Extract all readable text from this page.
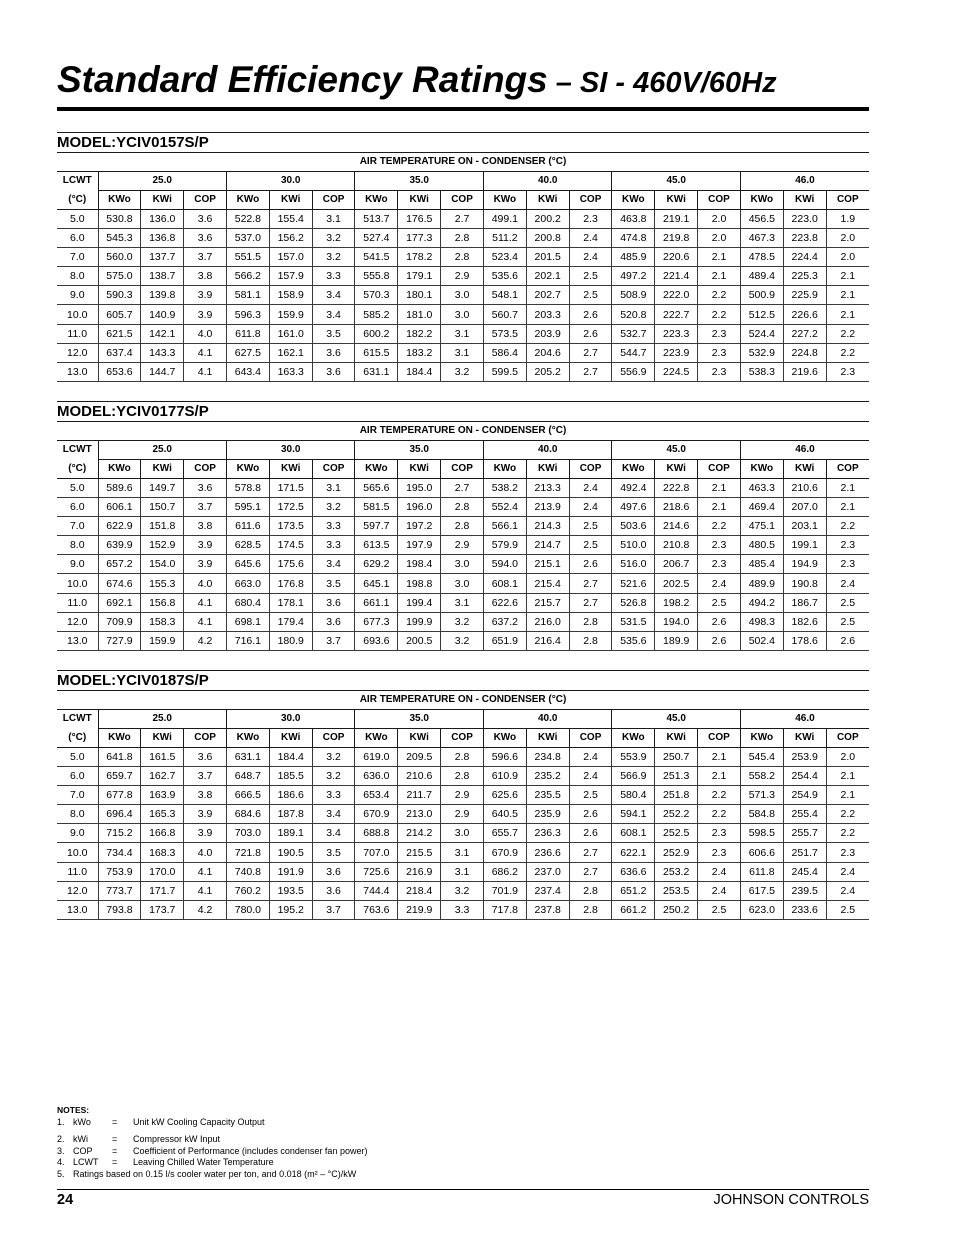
Standard Efficiency Ratings – SI - 460V/60Hz
MODEL:YCIV0157S/P																		
AIR TEMPERATURE ON - CONDENSER (°C)																		
LCWT	25.0			30.0			35.0			40.0			45.0			46.0		
(°C)	KWo	KWi	COP	KWo	KWi	COP	KWo	KWi	COP	KWo	KWi	COP	KWo	KWi	COP	KWo	KWi	COP
5.0	530.8	136.0	3.6	522.8	155.4	3.1	513.7	176.5	2.7	499.1	200.2	2.3	463.8	219.1	2.0	456.5	223.0	1.9
6.0	545.3	136.8	3.6	537.0	156.2	3.2	527.4	177.3	2.8	511.2	200.8	2.4	474.8	219.8	2.0	467.3	223.8	2.0
7.0	560.0	137.7	3.7	551.5	157.0	3.2	541.5	178.2	2.8	523.4	201.5	2.4	485.9	220.6	2.1	478.5	224.4	2.0
8.0	575.0	138.7	3.8	566.2	157.9	3.3	555.8	179.1	2.9	535.6	202.1	2.5	497.2	221.4	2.1	489.4	225.3	2.1
9.0	590.3	139.8	3.9	581.1	158.9	3.4	570.3	180.1	3.0	548.1	202.7	2.5	508.9	222.0	2.2	500.9	225.9	2.1
10.0	605.7	140.9	3.9	596.3	159.9	3.4	585.2	181.0	3.0	560.7	203.3	2.6	520.8	222.7	2.2	512.5	226.6	2.1
11.0	621.5	142.1	4.0	611.8	161.0	3.5	600.2	182.2	3.1	573.5	203.9	2.6	532.7	223.3	2.3	524.4	227.2	2.2
12.0	637.4	143.3	4.1	627.5	162.1	3.6	615.5	183.2	3.1	586.4	204.6	2.7	544.7	223.9	2.3	532.9	224.8	2.2
13.0	653.6	144.7	4.1	643.4	163.3	3.6	631.1	184.4	3.2	599.5	205.2	2.7	556.9	224.5	2.3	538.3	219.6	2.3
MODEL:YCIV0177S/P																		
AIR TEMPERATURE ON - CONDENSER (°C)																		
LCWT	25.0			30.0			35.0			40.0			45.0			46.0		
(°C)	KWo	KWi	COP	KWo	KWi	COP	KWo	KWi	COP	KWo	KWi	COP	KWo	KWi	COP	KWo	KWi	COP
5.0	589.6	149.7	3.6	578.8	171.5	3.1	565.6	195.0	2.7	538.2	213.3	2.4	492.4	222.8	2.1	463.3	210.6	2.1
6.0	606.1	150.7	3.7	595.1	172.5	3.2	581.5	196.0	2.8	552.4	213.9	2.4	497.6	218.6	2.1	469.4	207.0	2.1
7.0	622.9	151.8	3.8	611.6	173.5	3.3	597.7	197.2	2.8	566.1	214.3	2.5	503.6	214.6	2.2	475.1	203.1	2.2
8.0	639.9	152.9	3.9	628.5	174.5	3.3	613.5	197.9	2.9	579.9	214.7	2.5	510.0	210.8	2.3	480.5	199.1	2.3
9.0	657.2	154.0	3.9	645.6	175.6	3.4	629.2	198.4	3.0	594.0	215.1	2.6	516.0	206.7	2.3	485.4	194.9	2.3
10.0	674.6	155.3	4.0	663.0	176.8	3.5	645.1	198.8	3.0	608.1	215.4	2.7	521.6	202.5	2.4	489.9	190.8	2.4
11.0	692.1	156.8	4.1	680.4	178.1	3.6	661.1	199.4	3.1	622.6	215.7	2.7	526.8	198.2	2.5	494.2	186.7	2.5
12.0	709.9	158.3	4.1	698.1	179.4	3.6	677.3	199.9	3.2	637.2	216.0	2.8	531.5	194.0	2.6	498.3	182.6	2.5
13.0	727.9	159.9	4.2	716.1	180.9	3.7	693.6	200.5	3.2	651.9	216.4	2.8	535.6	189.9	2.6	502.4	178.6	2.6
MODEL:YCIV0187S/P																		
AIR TEMPERATURE ON - CONDENSER (°C)																		
LCWT	25.0			30.0			35.0			40.0			45.0			46.0		
(°C)	KWo	KWi	COP	KWo	KWi	COP	KWo	KWi	COP	KWo	KWi	COP	KWo	KWi	COP	KWo	KWi	COP
5.0	641.8	161.5	3.6	631.1	184.4	3.2	619.0	209.5	2.8	596.6	234.8	2.4	553.9	250.7	2.1	545.4	253.9	2.0
6.0	659.7	162.7	3.7	648.7	185.5	3.2	636.0	210.6	2.8	610.9	235.2	2.4	566.9	251.3	2.1	558.2	254.4	2.1
7.0	677.8	163.9	3.8	666.5	186.6	3.3	653.4	211.7	2.9	625.6	235.5	2.5	580.4	251.8	2.2	571.3	254.9	2.1
8.0	696.4	165.3	3.9	684.6	187.8	3.4	670.9	213.0	2.9	640.5	235.9	2.6	594.1	252.2	2.2	584.8	255.4	2.2
9.0	715.2	166.8	3.9	703.0	189.1	3.4	688.8	214.2	3.0	655.7	236.3	2.6	608.1	252.5	2.3	598.5	255.7	2.2
10.0	734.4	168.3	4.0	721.8	190.5	3.5	707.0	215.5	3.1	670.9	236.6	2.7	622.1	252.9	2.3	606.6	251.7	2.3
11.0	753.9	170.0	4.1	740.8	191.9	3.6	725.6	216.9	3.1	686.2	237.0	2.7	636.6	253.2	2.4	611.8	245.4	2.4
12.0	773.7	171.7	4.1	760.2	193.5	3.6	744.4	218.4	3.2	701.9	237.4	2.8	651.2	253.5	2.4	617.5	239.5	2.4
13.0	793.8	173.7	4.2	780.0	195.2	3.7	763.6	219.9	3.3	717.8	237.8	2.8	661.2	250.2	2.5	623.0	233.6	2.5
NOTES:
1. kWo = Unit kW Cooling Capacity Output
2. kWi	= Compressor kW Input
3. COP = Coefficient of Performance (includes condenser fan power)
4. LCWT = Leaving Chilled Water Temperature
5. Ratings based on 0.15 l/s cooler water per ton, and 0.018 (m² – °C)/kW
24	JOHNSON CONTROLS
